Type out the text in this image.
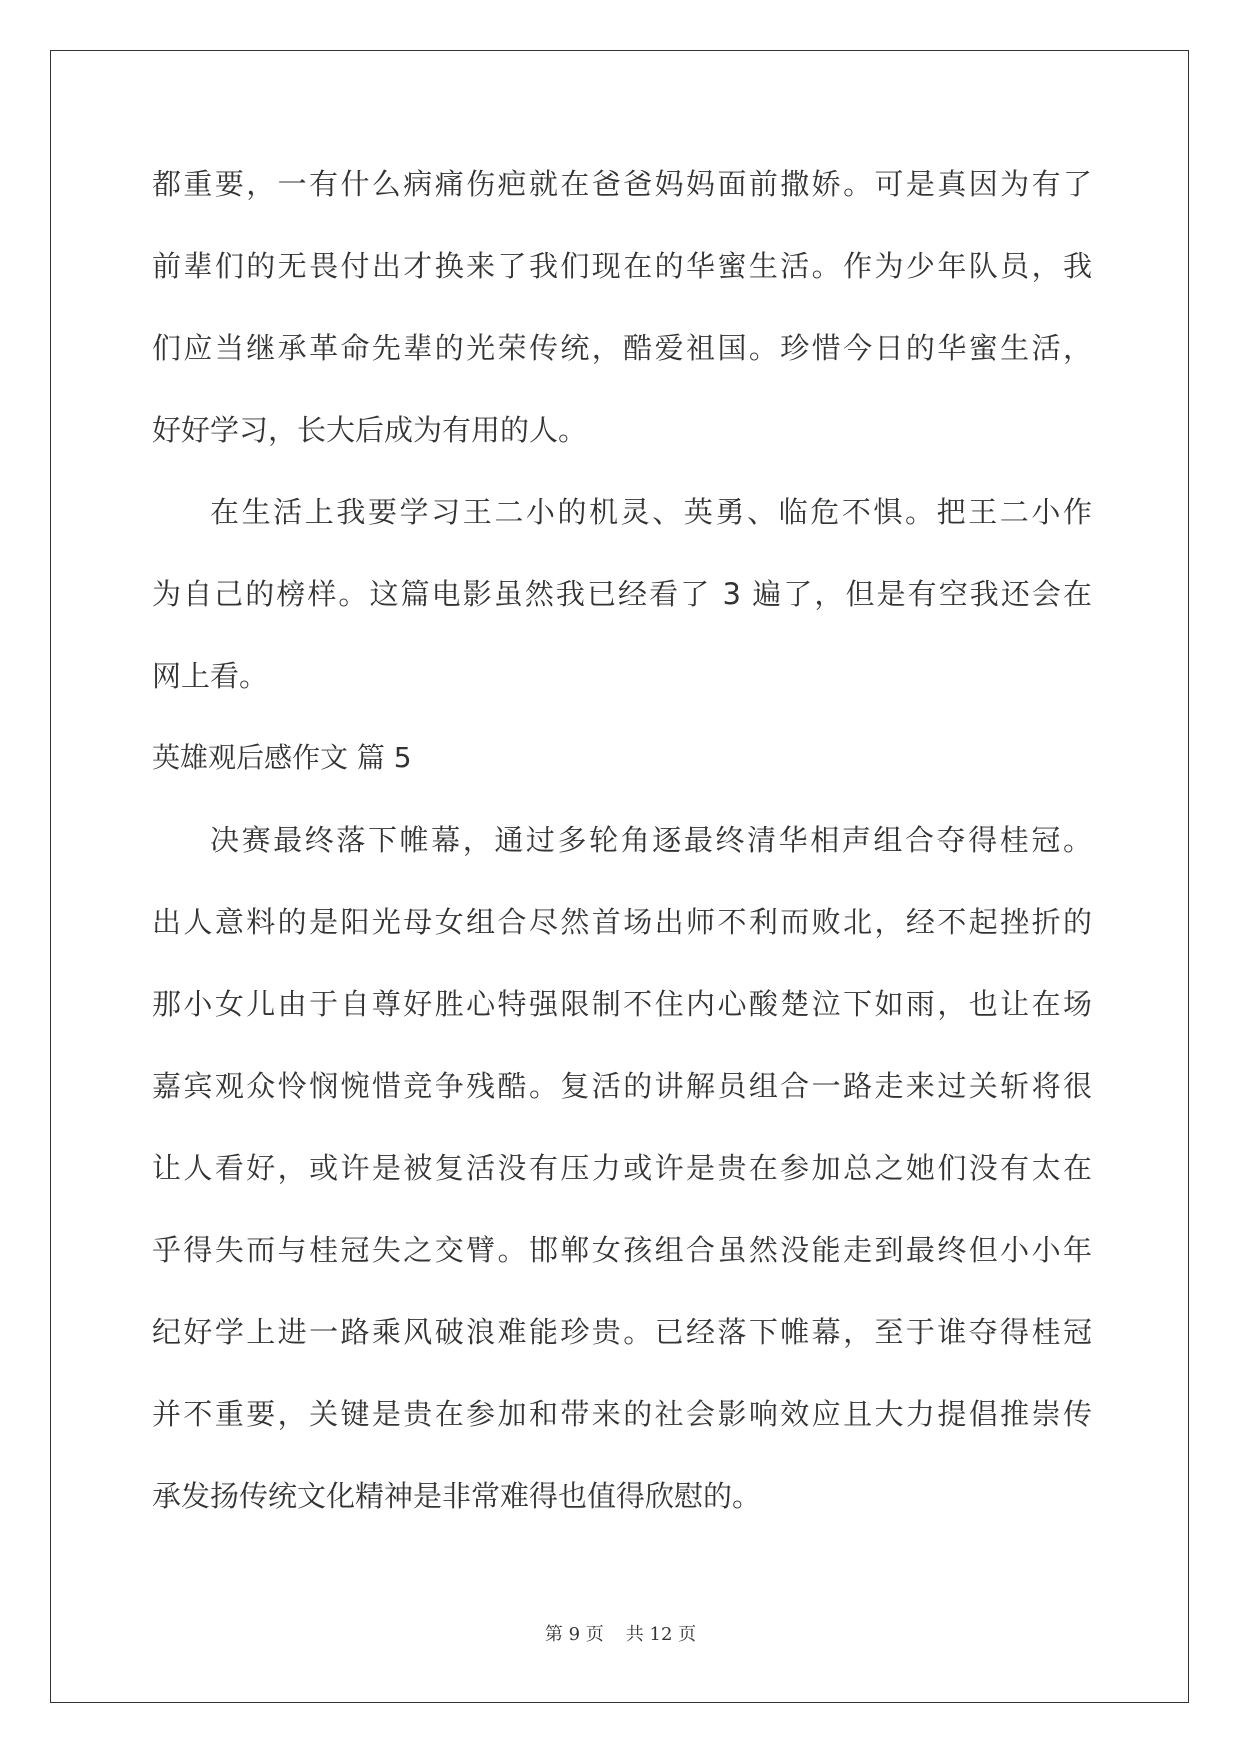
都重要，一有什么病痛伤疤就在爸爸妈妈面前撒娇。可是真因为有了
前辈们的无畏付出才换来了我们现在的华蜜生活。作为少年队员，我
们应当继承革命先辈的光荣传统，酷爱祖国。珍惜今日的华蜜生活，
好好学习，长大后成为有用的人。
在生活上我要学习王二小的机灵、英勇、临危不惧。把王二小作
为自己的榜样。这篇电影虽然我已经看了 3 遍了，但是有空我还会在
网上看。
英雄观后感作文 篇 5
决赛最终落下帷幕，通过多轮角逐最终清华相声组合夺得桂冠。
出人意料的是阳光母女组合尽然首场出师不利而败北，经不起挫折的
那小女儿由于自尊好胜心特强限制不住内心酸楚泣下如雨，也让在场
嘉宾观众怜悯惋惜竞争残酷。复活的讲解员组合一路走来过关斩将很
让人看好，或许是被复活没有压力或许是贵在参加总之她们没有太在
乎得失而与桂冠失之交臂。邯郸女孩组合虽然没能走到最终但小小年
纪好学上进一路乘风破浪难能珍贵。已经落下帷幕，至于谁夺得桂冠
并不重要，关键是贵在参加和带来的社会影响效应且大力提倡推崇传
承发扬传统文化精神是非常难得也值得欣慰的。
第 9 页 共 12 页
